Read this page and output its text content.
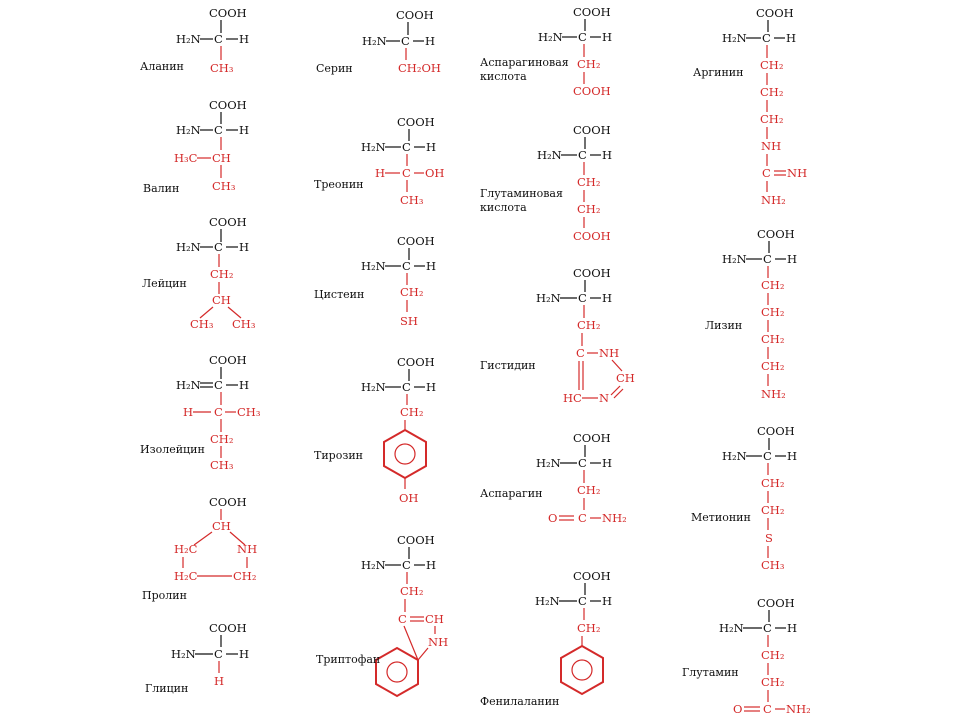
COOH
H₂N C H
CH₃
Аланин
COOH
H₂N C H
H₃C CH
CH₃
Валин
COOH
H₂N C H
CH₂
CH
CH₃ CH₃
Лейцин
COOH
H₂N C H
H C CH₃
CH₂
CH₃
Изолейцин
COOH
CH
H₂C	NH
H₂C	CH₂
Пролин
COOH
H₂N C H
H
Глицин
COOH
H₂N C H
CH₂OH
Серин
COOH
H₂N C H
H C OH
CH₃
Треонин
COOH
H₂N C H
CH₂
SH
Цистеин
COOH
H₂N C H
CH₂
OH
Тирозин
COOH
H₂N C H
CH₂
C CH
NH
Триптофан
COOH
H₂N C H
CH₂
COOH
Аспарагиновая
кислота
COOH
H₂N C H
CH₂
CH₂
COOH
Глутаминовая
кислота
COOH
H₂N C H
CH₂
C NH
CH
HC N
Гистидин
COOH
H₂N C H
CH₂
O C NH₂
Аспарагин
COOH
H₂N C H
CH₂
Фенилаланин
COOH
H₂N C H
CH₂
CH₂
CH₂
NH
C NH
NH₂
Аргинин
COOH
H₂N C H
CH₂
CH₂
CH₂
CH₂
NH₂
Лизин
COOH
H₂N C H
CH₂
CH₂
S
CH₃
Метионин
COOH
H₂N C H
CH₂
CH₂
O C NH₂
Глутамин
